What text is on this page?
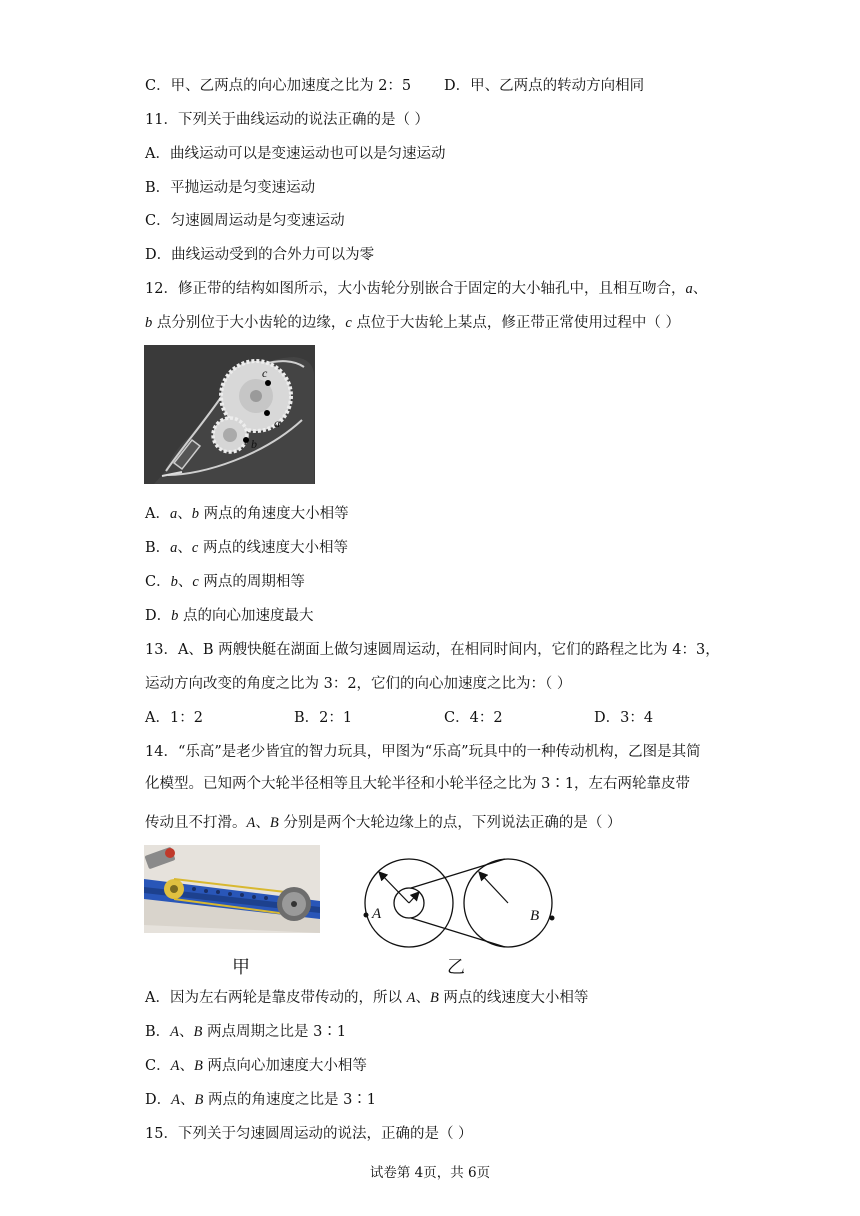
C．甲、乙两点的向心加速度之比为 2：5 D．甲、乙两点的转动方向相同
11．下列关于曲线运动的说法正确的是（ ）
A．曲线运动可以是变速运动也可以是匀速运动
B．平抛运动是匀变速运动
C．匀速圆周运动是匀变速运动
D．曲线运动受到的合外力可以为零
12．修正带的结构如图所示，大小齿轮分别嵌合于固定的大小轴孔中，且相互吻合，a、
b 点分别位于大小齿轮的边缘，c 点位于大齿轮上某点，修正带正常使用过程中（ ）
c
a
b
A．a、b 两点的角速度大小相等
B．a、c 两点的线速度大小相等
C．b、c 两点的周期相等
D．b 点的向心加速度最大
13．A、B 两艘快艇在湖面上做匀速圆周运动，在相同时间内，它们的路程之比为 4：3，
运动方向改变的角度之比为 3：2，它们的向心加速度之比为：（ ）
A．1：2	B．2：1	C．4：2	D．3：4
14．“乐高”是老少皆宜的智力玩具，甲图为“乐高”玩具中的一种传动机构，乙图是其简
化模型。已知两个大轮半径相等且大轮半径和小轮半径之比为 3∶1，左右两轮靠皮带
传动且不打滑。A、B 分别是两个大轮边缘上的点，下列说法正确的是（ ）
甲
A	B
乙
A．因为左右两轮是靠皮带传动的，所以 A、B 两点的线速度大小相等
B．A、B 两点周期之比是 3∶1
C．A、B 两点向心加速度大小相等
D．A、B 两点的角速度之比是 3∶1
15．下列关于匀速圆周运动的说法，正确的是（ ）
试卷第 4页，共 6页
